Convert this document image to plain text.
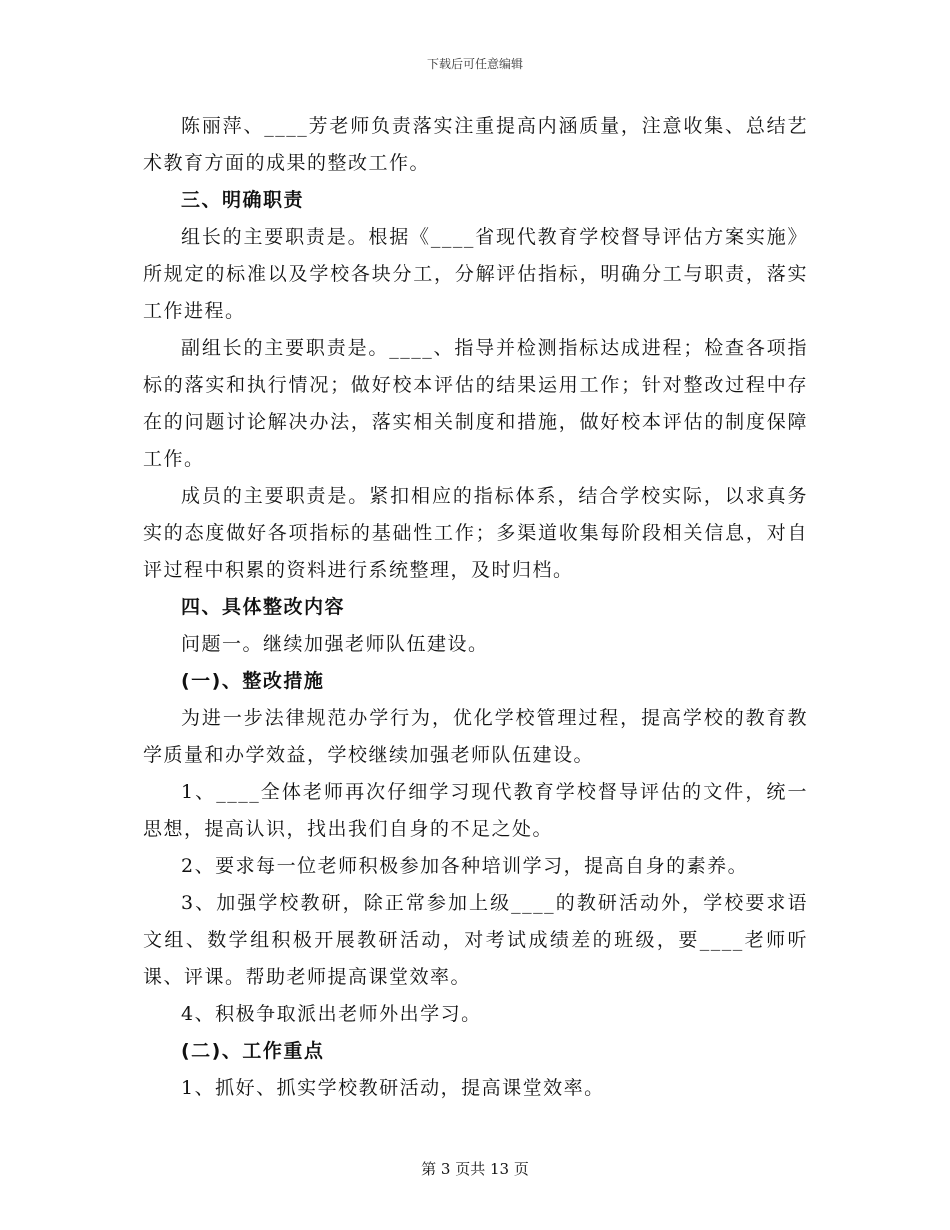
下载后可任意编辑

陈丽萍、____芳老师负责落实注重提高内涵质量，注意收集、总结艺术教育方面的成果的整改工作。

三、明确职责

组长的主要职责是。根据《____省现代教育学校督导评估方案实施》所规定的标准以及学校各块分工，分解评估指标，明确分工与职责，落实工作进程。

副组长的主要职责是。____、指导并检测指标达成进程；检查各项指标的落实和执行情况；做好校本评估的结果运用工作；针对整改过程中存在的问题讨论解决办法，落实相关制度和措施，做好校本评估的制度保障工作。

成员的主要职责是。紧扣相应的指标体系，结合学校实际，以求真务实的态度做好各项指标的基础性工作；多渠道收集每阶段相关信息，对自评过程中积累的资料进行系统整理，及时归档。

四、具体整改内容

问题一。继续加强老师队伍建设。

(一)、整改措施

为进一步法律规范办学行为，优化学校管理过程，提高学校的教育教学质量和办学效益，学校继续加强老师队伍建设。

1、____全体老师再次仔细学习现代教育学校督导评估的文件，统一思想，提高认识，找出我们自身的不足之处。

2、要求每一位老师积极参加各种培训学习，提高自身的素养。

3、加强学校教研，除正常参加上级____的教研活动外，学校要求语文组、数学组积极开展教研活动，对考试成绩差的班级，要____老师听课、评课。帮助老师提高课堂效率。

4、积极争取派出老师外出学习。

(二)、工作重点

1、抓好、抓实学校教研活动，提高课堂效率。

第 3 页共 13 页
